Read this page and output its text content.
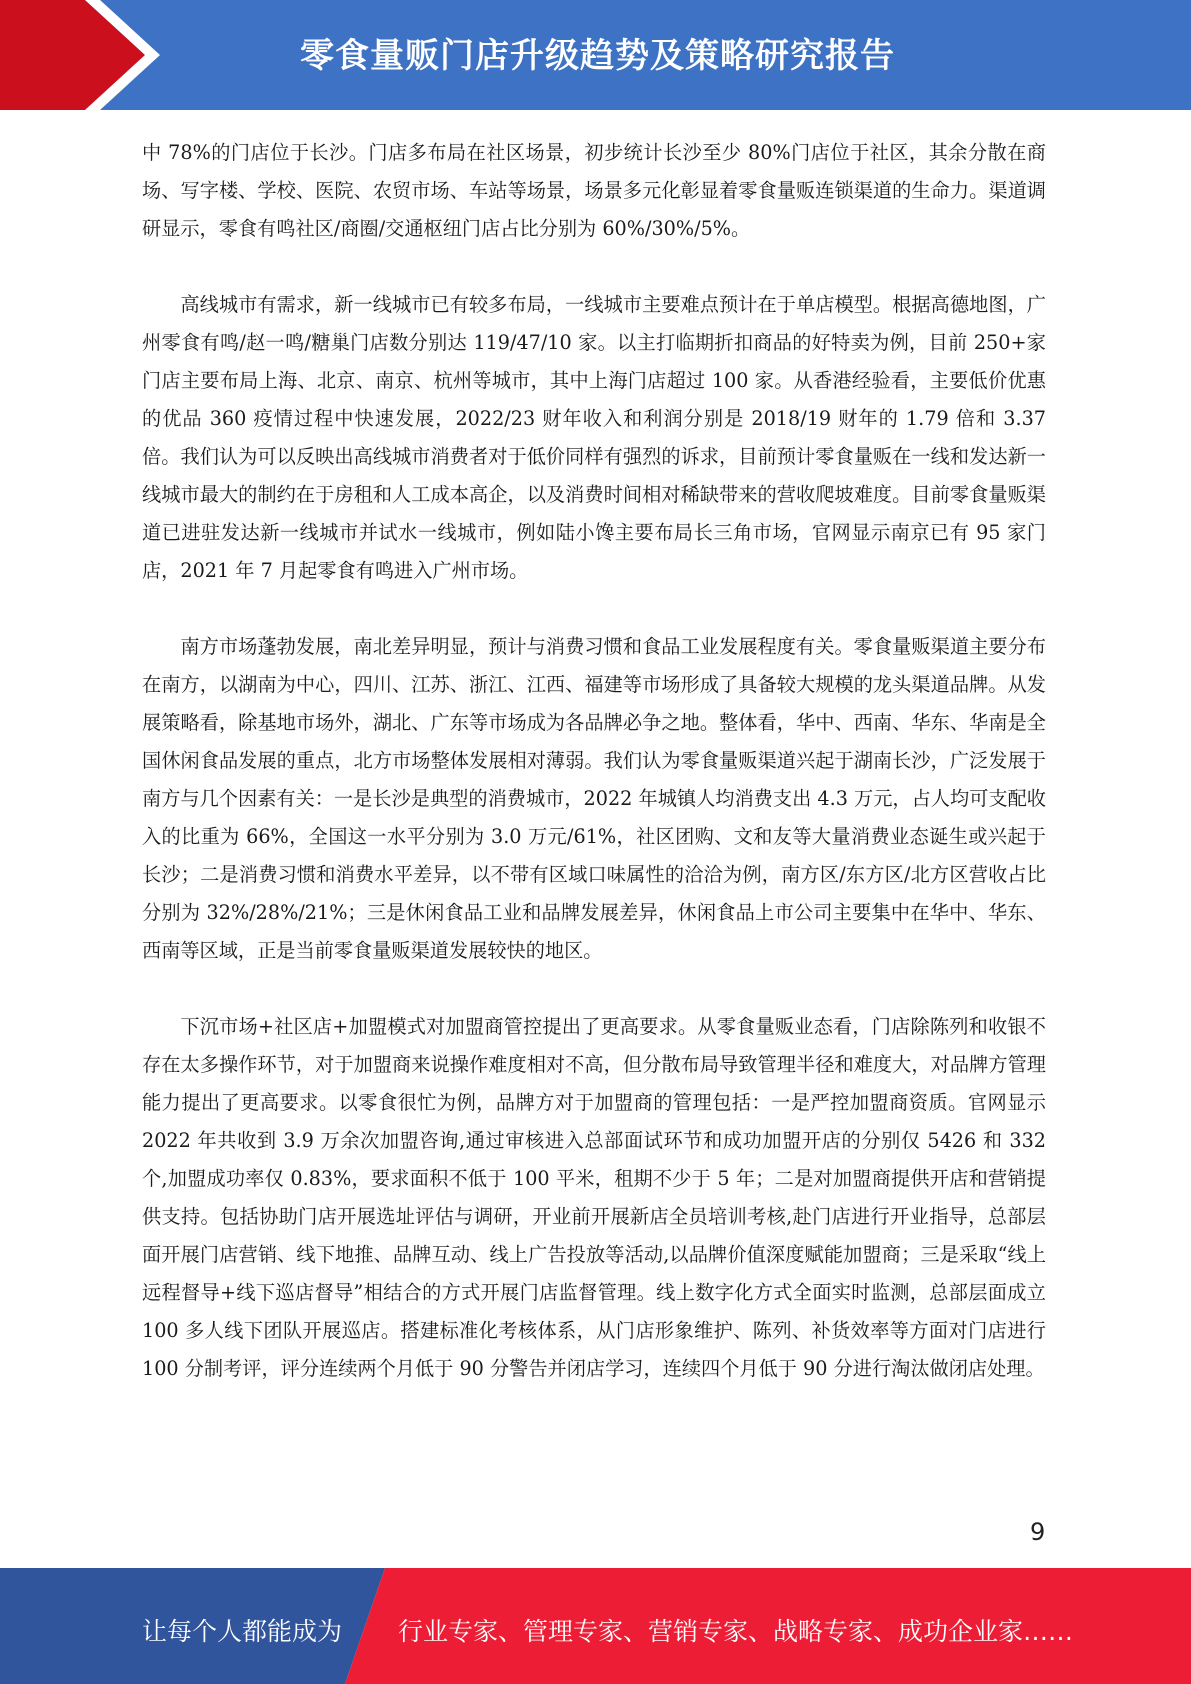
零食量贩门店升级趋势及策略研究报告

中 78%的门店位于长沙。门店多布局在社区场景，初步统计长沙至少 80%门店位于社区，其余分散在商场、写字楼、学校、医院、农贸市场、车站等场景，场景多元化彰显着零食量贩连锁渠道的生命力。渠道调研显示，零食有鸣社区/商圈/交通枢纽门店占比分别为 60%/30%/5%。

高线城市有需求，新一线城市已有较多布局，一线城市主要难点预计在于单店模型。根据高德地图，广州零食有鸣/赵一鸣/糖巢门店数分别达 119/47/10 家。以主打临期折扣商品的好特卖为例，目前 250+家门店主要布局上海、北京、南京、杭州等城市，其中上海门店超过 100 家。从香港经验看，主要低价优惠的优品 360 疫情过程中快速发展，2022/23 财年收入和利润分别是 2018/19 财年的 1.79 倍和 3.37 倍。我们认为可以反映出高线城市消费者对于低价同样有强烈的诉求，目前预计零食量贩在一线和发达新一线城市最大的制约在于房租和人工成本高企，以及消费时间相对稀缺带来的营收爬坡难度。目前零食量贩渠道已进驻发达新一线城市并试水一线城市，例如陆小馋主要布局长三角市场，官网显示南京已有 95 家门店，2021 年 7 月起零食有鸣进入广州市场。

南方市场蓬勃发展，南北差异明显，预计与消费习惯和食品工业发展程度有关。零食量贩渠道主要分布在南方，以湖南为中心，四川、江苏、浙江、江西、福建等市场形成了具备较大规模的龙头渠道品牌。从发展策略看，除基地市场外，湖北、广东等市场成为各品牌必争之地。整体看，华中、西南、华东、华南是全国休闲食品发展的重点，北方市场整体发展相对薄弱。我们认为零食量贩渠道兴起于湖南长沙，广泛发展于南方与几个因素有关：一是长沙是典型的消费城市，2022 年城镇人均消费支出 4.3 万元，占人均可支配收入的比重为 66%，全国这一水平分别为 3.0 万元/61%，社区团购、文和友等大量消费业态诞生或兴起于长沙；二是消费习惯和消费水平差异，以不带有区域口味属性的洽洽为例，南方区/东方区/北方区营收占比分别为 32%/28%/21%；三是休闲食品工业和品牌发展差异，休闲食品上市公司主要集中在华中、华东、西南等区域，正是当前零食量贩渠道发展较快的地区。

下沉市场+社区店+加盟模式对加盟商管控提出了更高要求。从零食量贩业态看，门店除陈列和收银不存在太多操作环节，对于加盟商来说操作难度相对不高，但分散布局导致管理半径和难度大，对品牌方管理能力提出了更高要求。以零食很忙为例，品牌方对于加盟商的管理包括：一是严控加盟商资质。官网显示 2022 年共收到 3.9 万余次加盟咨询,通过审核进入总部面试环节和成功加盟开店的分别仅 5426 和 332 个,加盟成功率仅 0.83%，要求面积不低于 100 平米，租期不少于 5 年；二是对加盟商提供开店和营销提供支持。包括协助门店开展选址评估与调研，开业前开展新店全员培训考核,赴门店进行开业指导，总部层面开展门店营销、线下地推、品牌互动、线上广告投放等活动,以品牌价值深度赋能加盟商；三是采取“线上远程督导+线下巡店督导”相结合的方式开展门店监督管理。线上数字化方式全面实时监测，总部层面成立 100 多人线下团队开展巡店。搭建标准化考核体系，从门店形象维护、陈列、补货效率等方面对门店进行 100 分制考评，评分连续两个月低于 90 分警告并闭店学习，连续四个月低于 90 分进行淘汰做闭店处理。

9
让每个人都能成为 行业专家、管理专家、营销专家、战略专家、成功企业家……
